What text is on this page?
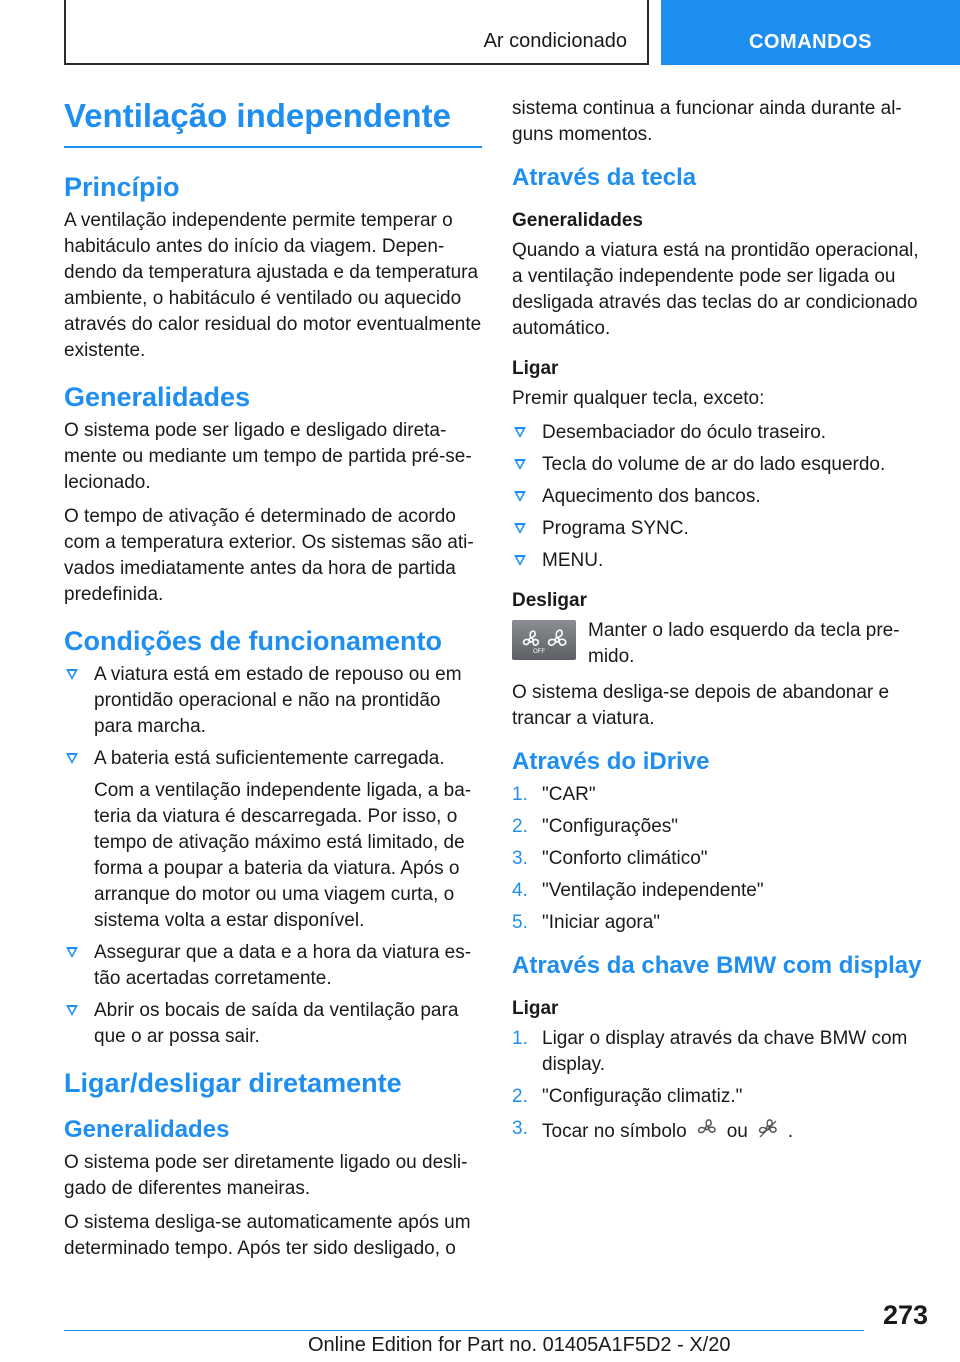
Ar condicionado	COMANDOS
Ventilação independente
Princípio

A ventilação independente permite temperar o habitáculo antes do início da viagem. Dependendo da temperatura ajustada e da temperatura ambiente, o habitáculo é ventilado ou aquecido através do calor residual do motor eventualmente existente.

Generalidades

O sistema pode ser ligado e desligado diretamente ou mediante um tempo de partida pré-selecionado.

O tempo de ativação é determinado de acordo com a temperatura exterior. Os sistemas são ativados imediatamente antes da hora de partida predefinida.

Condições de funcionamento
A viatura está em estado de repouso ou em prontidão operacional e não na prontidão para marcha.
A bateria está suficientemente carregada.
Com a ventilação independente ligada, a bateria da viatura é descarregada. Por isso, o tempo de ativação máximo está limitado, de forma a poupar a bateria da viatura. Após o arranque do motor ou uma viagem curta, o sistema volta a estar disponível.
Assegurar que a data e a hora da viatura estão acertadas corretamente.
Abrir os bocais de saída da ventilação para que o ar possa sair.
Ligar/desligar diretamente
Generalidades

O sistema pode ser diretamente ligado ou desligado de diferentes maneiras.

O sistema desliga-se automaticamente após um determinado tempo. Após ter sido desligado, o

sistema continua a funcionar ainda durante alguns momentos.

Através da tecla
Generalidades

Quando a viatura está na prontidão operacional, a ventilação independente pode ser ligada ou desligada através das teclas do ar condicionado automático.

Ligar

Premir qualquer tecla, exceto:

Desembaciador do óculo traseiro.
Tecla do volume de ar do lado esquerdo.
Aquecimento dos bancos.
Programa SYNC.
MENU.
Desligar
OFF
Manter o lado esquerdo da tecla premido.

O sistema desliga-se depois de abandonar e trancar a viatura.

Através do iDrive
1. "CAR"
2. "Configurações"
3. "Conforto climático"
4. "Ventilação independente"
5. "Iniciar agora"
Através da chave BMW com display
Ligar
1. Ligar o display através da chave BMW com display.
2. "Configuração climatiz."
3. Tocar no símbolo ou .
273
Online Edition for Part no. 01405A1F5D2 - X/20
